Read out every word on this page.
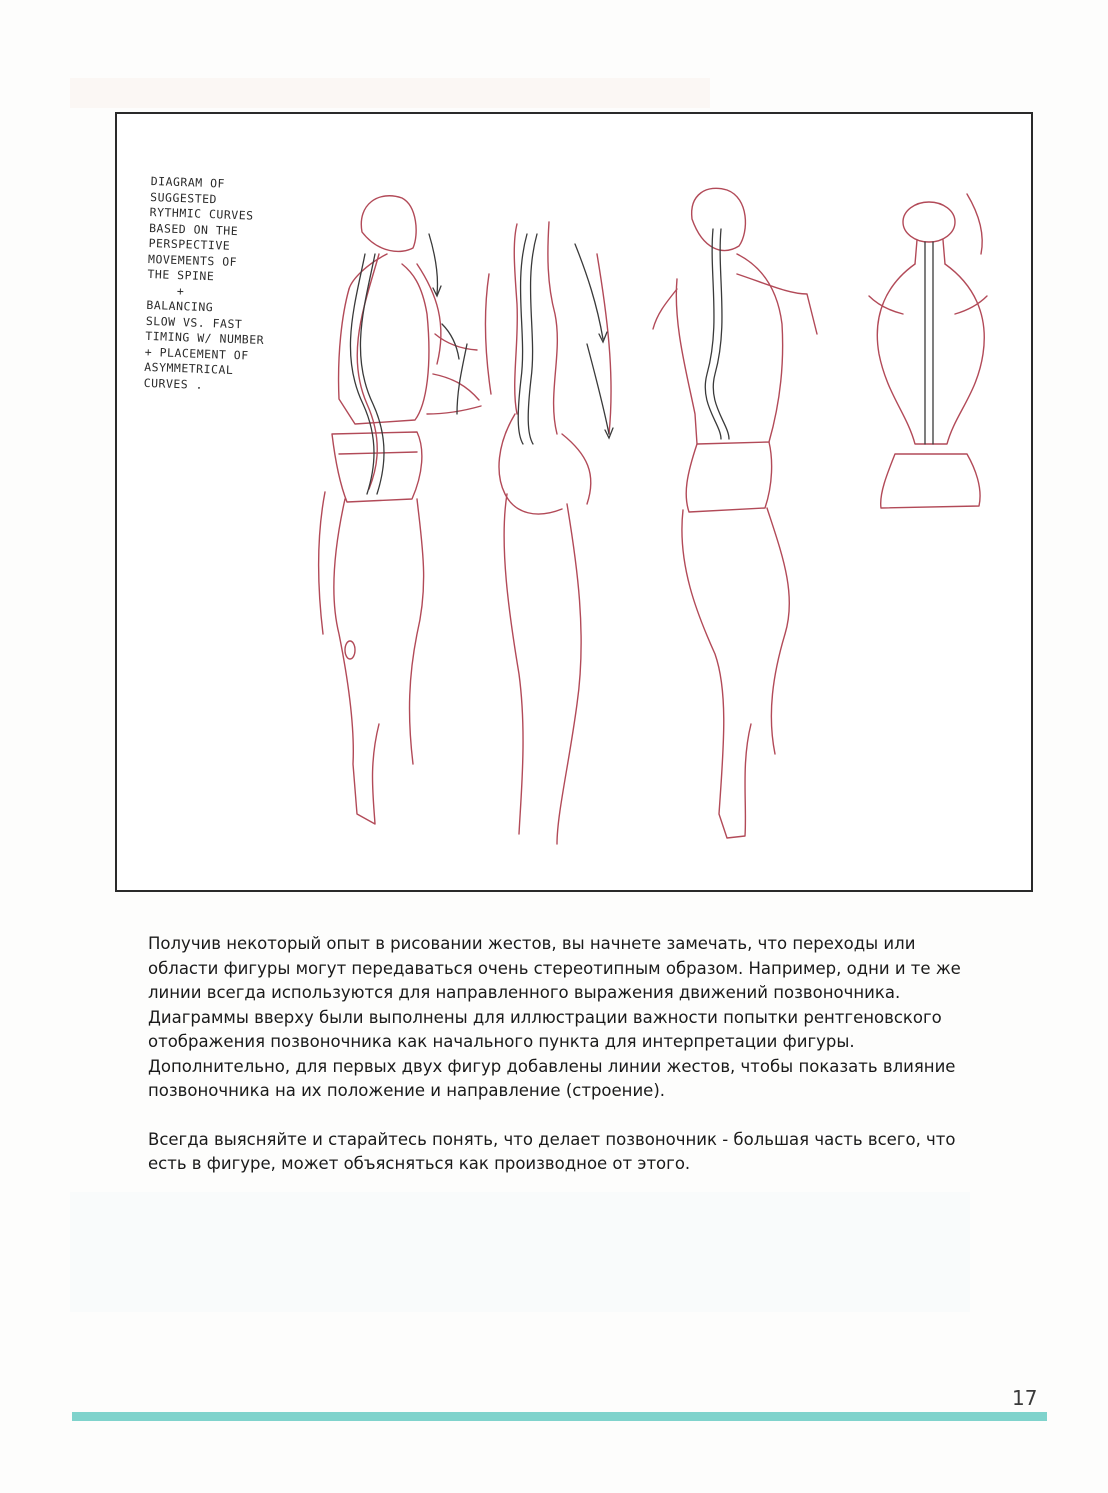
DIAGRAM OF
SUGGESTED
RYTHMIC CURVES
BASED ON THE
PERSPECTIVE
MOVEMENTS OF
THE SPINE
+
BALANCING
SLOW VS. FAST
TIMING W/ NUMBER
+ PLACEMENT OF
ASYMMETRICAL
CURVES .

Получив некоторый опыт в рисовании жестов, вы начнете замечать, что переходы или области фигуры могут передаваться очень стереотипным образом. Например, одни и те же линии всегда используются для направленного выражения движений позвоночника. Диаграммы вверху были выполнены для иллюстрации важности попытки рентгеновского отображения позвоночника как начального пункта для интерпретации фигуры. Дополнительно, для первых двух фигур добавлены линии жестов, чтобы показать влияние позвоночника на их положение и направление (строение).

Всегда выясняйте и старайтесь понять, что делает позвоночник - большая часть всего, что есть в фигуре, может объясняться как производное от этого.

17
